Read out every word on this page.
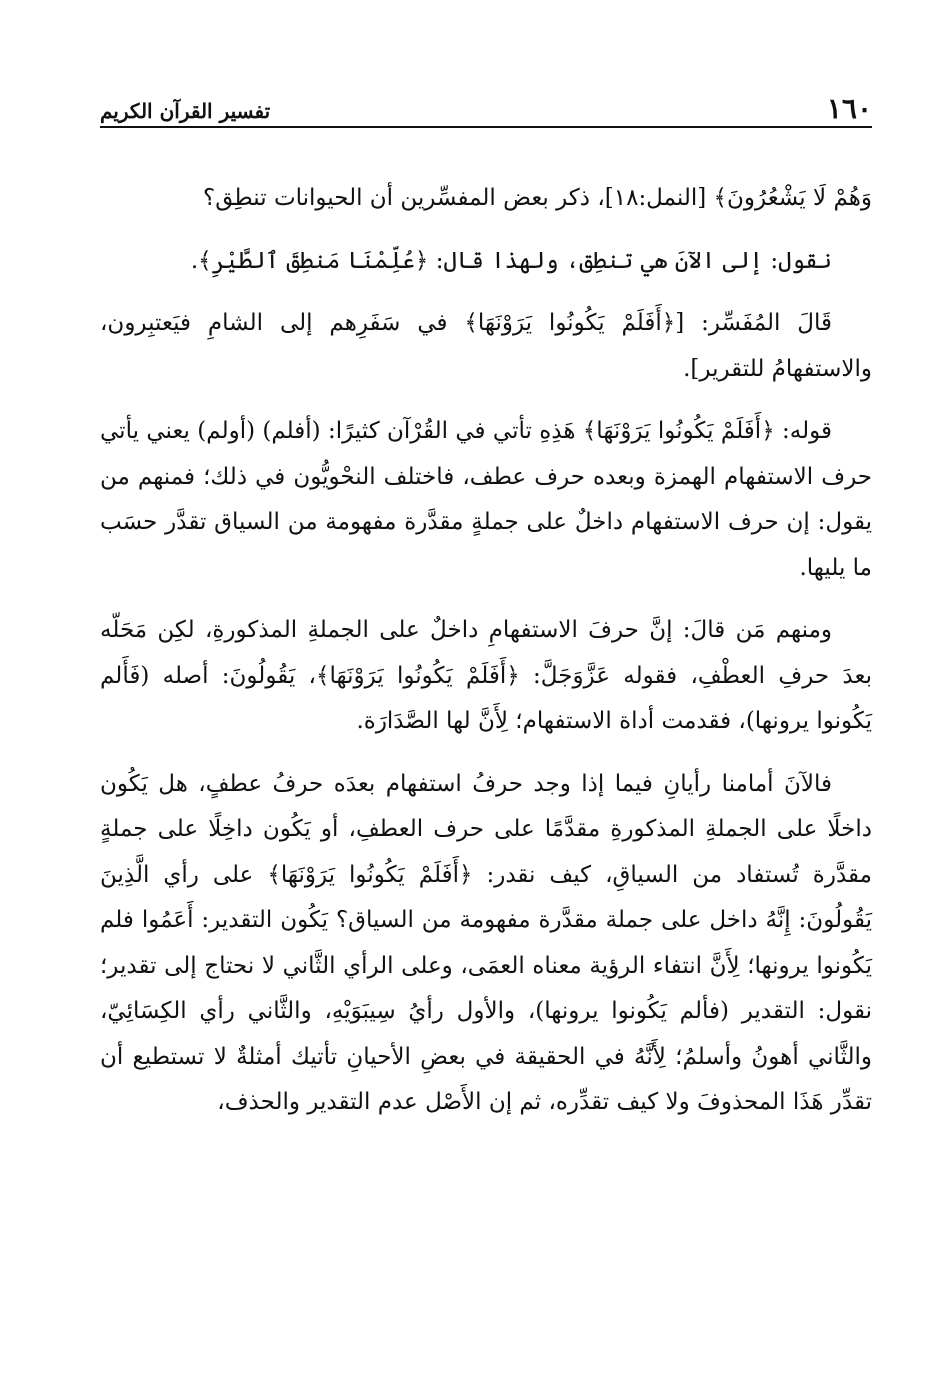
١٦٠
تفسير القرآن الكريم

وَهُمْ لَا يَشْعُرُونَ﴾ [النمل:١٨]، ذكر بعض المفسِّرين أن الحيوانات تنطِق؟

نقول: إلى الآنَ هي تنطِق، ولهذا قال: ﴿عُلِّمْنَا مَنطِقَ ٱلطَّيْرِ﴾.

قَالَ المُفَسِّر: [﴿أَفَلَمْ يَكُونُوا يَرَوْنَهَا﴾ في سَفَرِهم إلى الشامِ فيَعتبِرون، والاستفهامُ للتقرير].

قوله: ﴿أَفَلَمْ يَكُونُوا يَرَوْنَهَا﴾ هَذِهِ تأتي في القُرْآن كثيرًا: (أفلم) (أولم) يعني يأتي حرف الاستفهام الهمزة وبعده حرف عطف، فاختلف النحْويُّون في ذلك؛ فمنهم من يقول: إن حرف الاستفهام داخلٌ على جملةٍ مقدَّرة مفهومة من السياق تقدَّر حسَب ما يليها.

ومنهم مَن قالَ: إنَّ حرفَ الاستفهامِ داخلٌ على الجملةِ المذكورةِ، لكِن مَحَلّه بعدَ حرفِ العطْفِ، فقوله عَزَّوَجَلَّ: ﴿أَفَلَمْ يَكُونُوا يَرَوْنَهَا﴾، يَقُولُونَ: أصله (فَأَلم يَكُونوا يرونها)، فقدمت أداة الاستفهام؛ لِأَنَّ لها الصَّدَارَة.

فالآنَ أمامنا رأيانِ فيما إذا وجد حرفُ استفهام بعدَه حرفُ عطفٍ، هل يَكُون داخلًا على الجملةِ المذكورةِ مقدَّمًا على حرف العطفِ، أو يَكُون داخِلًا على جملةٍ مقدَّرة تُستفاد من السياقِ، كيف نقدر: ﴿أَفَلَمْ يَكُونُوا يَرَوْنَهَا﴾ على رأي الَّذِينَ يَقُولُونَ: إِنَّهُ داخل على جملة مقدَّرة مفهومة من السياق؟ يَكُون التقدير: أَعَمُوا فلم يَكُونوا يرونها؛ لِأَنَّ انتفاء الرؤية معناه العمَى، وعلى الرأي الثَّاني لا نحتاج إلى تقدير؛ نقول: التقدير (فألم يَكُونوا يرونها)، والأول رأيُ سِيبَوَيْهِ، والثَّاني رأي الكِسَائِيّ، والثَّاني أهونُ وأسلمُ؛ لِأَنَّهُ في الحقيقة في بعضِ الأحيانِ تأتيك أمثلةٌ لا تستطيع أن تقدِّر هَذَا المحذوفَ ولا كيف تقدِّره، ثم إن الأَصْل عدم التقدير والحذف،
